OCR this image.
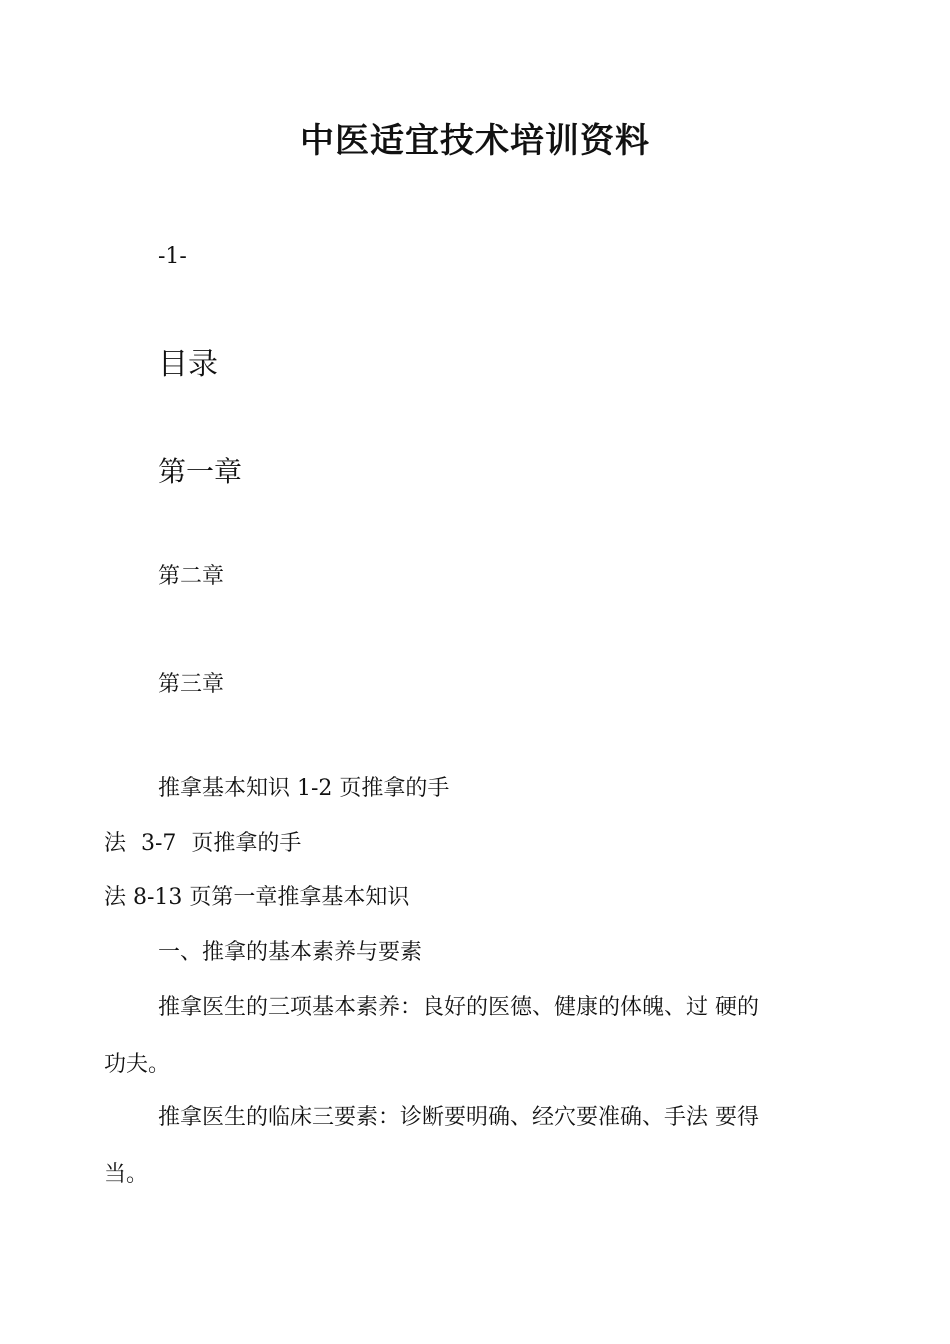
中医适宜技术培训资料
-1-
目录
第一章
第二章
第三章

推拿基本知识 1-2 页推拿的手

法 3-7 页推拿的手

法 8-13 页第一章推拿基本知识

一、推拿的基本素养与要素

推拿医生的三项基本素养：良好的医德、健康的体魄、过 硬的

功夫。

推拿医生的临床三要素：诊断要明确、经穴要准确、手法 要得

当。
